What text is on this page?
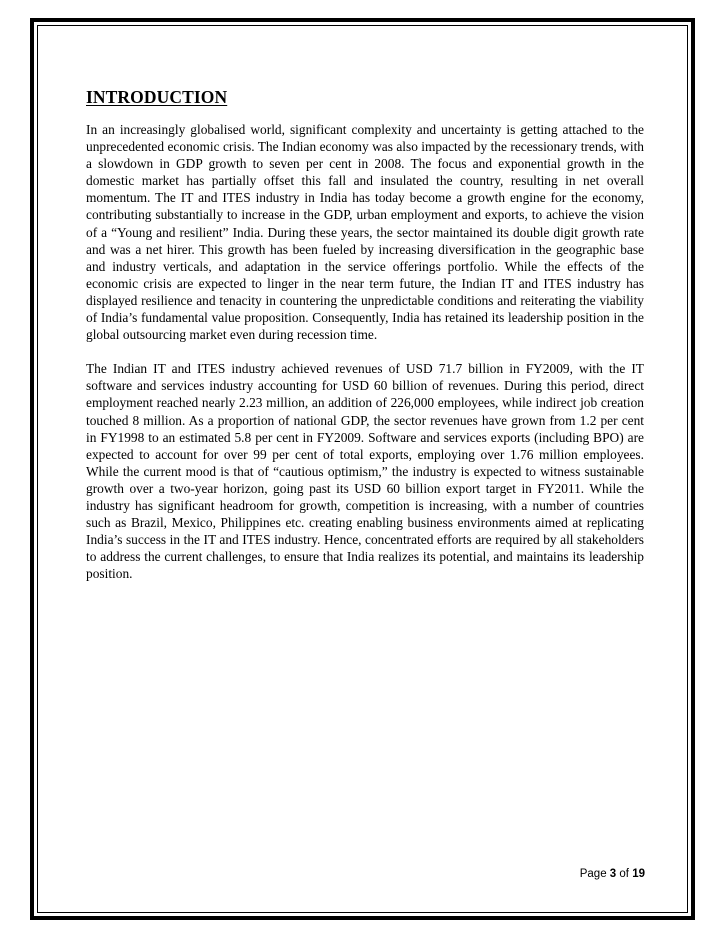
INTRODUCTION

In an increasingly globalised world, significant complexity and uncertainty is getting attached to the unprecedented economic crisis. The Indian economy was also impacted by the recessionary trends, with a slowdown in GDP growth to seven per cent in 2008. The focus and exponential growth in the domestic market has partially offset this fall and insulated the country, resulting in net overall momentum. The IT and ITES industry in India has today become a growth engine for the economy, contributing substantially to increase in the GDP, urban employment and exports, to achieve the vision of a “Young and resilient” India. During these years, the sector maintained its double digit growth rate and was a net hirer. This growth has been fueled by increasing diversification in the geographic base and industry verticals, and adaptation in the service offerings portfolio. While the effects of the economic crisis are expected to linger in the near term future, the Indian IT and ITES industry has displayed resilience and tenacity in countering the unpredictable conditions and reiterating the viability of India’s fundamental value proposition. Consequently, India has retained its leadership position in the global outsourcing market even during recession time.

The Indian IT and ITES industry achieved revenues of USD 71.7 billion in FY2009, with the IT software and services industry accounting for USD 60 billion of revenues. During this period, direct employment reached nearly 2.23 million, an addition of 226,000 employees, while indirect job creation touched 8 million. As a proportion of national GDP, the sector revenues have grown from 1.2 per cent in FY1998 to an estimated 5.8 per cent in FY2009. Software and services exports (including BPO) are expected to account for over 99 per cent of total exports, employing over 1.76 million employees. While the current mood is that of “cautious optimism,” the industry is expected to witness sustainable growth over a two-year horizon, going past its USD 60 billion export target in FY2011. While the industry has significant headroom for growth, competition is increasing, with a number of countries such as Brazil, Mexico, Philippines etc. creating enabling business environments aimed at replicating India’s success in the IT and ITES industry. Hence, concentrated efforts are required by all stakeholders to address the current challenges, to ensure that India realizes its potential, and maintains its leadership position.

Page 3 of 19
